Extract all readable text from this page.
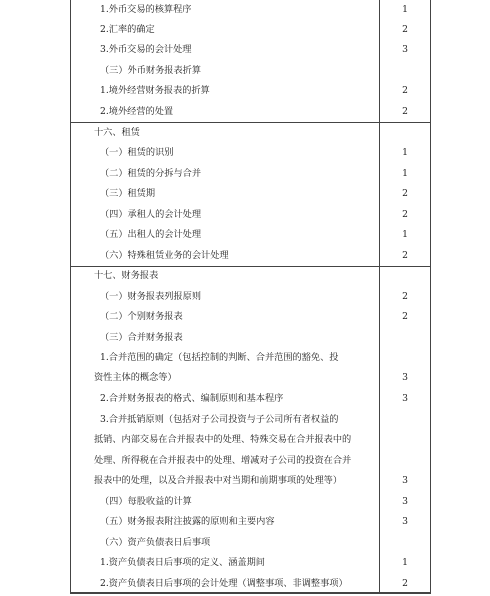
1.外币交易的核算程序	1
2.汇率的确定	2
3.外币交易的会计处理	3
（三）外币财务报表折算
1.境外经营财务报表的折算	2
2.境外经营的处置	2
十六、租赁
（一）租赁的识别	1
（二）租赁的分拆与合并	1
（三）租赁期	2
（四）承租人的会计处理	2
（五）出租人的会计处理	1
（六）特殊租赁业务的会计处理	2
十七、财务报表
（一）财务报表列报原则	2
（二）个别财务报表	2
（三）合并财务报表
1.合并范围的确定（包括控制的判断、合并范围的豁免、投
资性主体的概念等）	3
2.合并财务报表的格式、编制原则和基本程序	3
3.合并抵销原则（包括对子公司投资与子公司所有者权益的
抵销、内部交易在合并报表中的处理、特殊交易在合并报表中的
处理、所得税在合并报表中的处理、增减对子公司的投资在合并
报表中的处理，以及合并报表中对当期和前期事项的处理等）	3
（四）每股收益的计算	3
（五）财务报表附注披露的原则和主要内容	3
（六）资产负债表日后事项
1.资产负债表日后事项的定义、涵盖期间	1
2.资产负债表日后事项的会计处理（调整事项、非调整事项）	2
